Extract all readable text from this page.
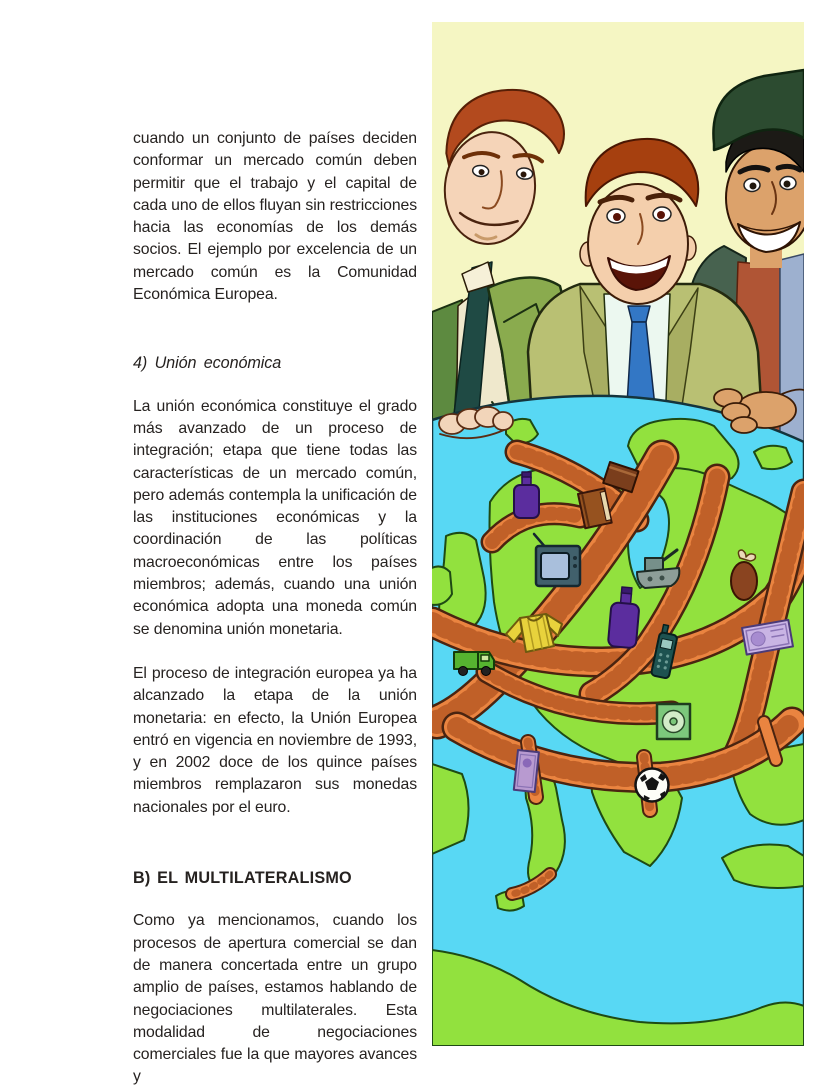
cuando un conjunto de países deciden conformar un mercado común deben permitir que el trabajo y el capital de cada uno de ellos fluyan sin restricciones hacia las economías de los demás socios. El ejemplo por excelencia de un mercado común es la Comunidad Económica Europea.

4) Unión económica

La unión económica constituye el grado más avanzado de un proceso de integración; etapa que tiene todas las características de un mercado común, pero además contempla la unificación de las instituciones económicas y la coordinación de las políticas macroeconómicas entre los países miembros; además, cuando una unión económica adopta una moneda común se denomina unión monetaria.

El proceso de integración europea ya ha alcanzado la etapa de la unión monetaria: en efecto, la Unión Europea entró en vigencia en noviembre de 1993, y en 2002 doce de los quince países miembros remplazaron sus monedas nacionales por el euro.

B) EL MULTILATERALISMO

Como ya mencionamos, cuando los procesos de apertura comercial se dan de manera concertada entre un grupo amplio de países, estamos hablando de negociaciones multilaterales. Esta modalidad de negociaciones comerciales fue la que mayores avances y
